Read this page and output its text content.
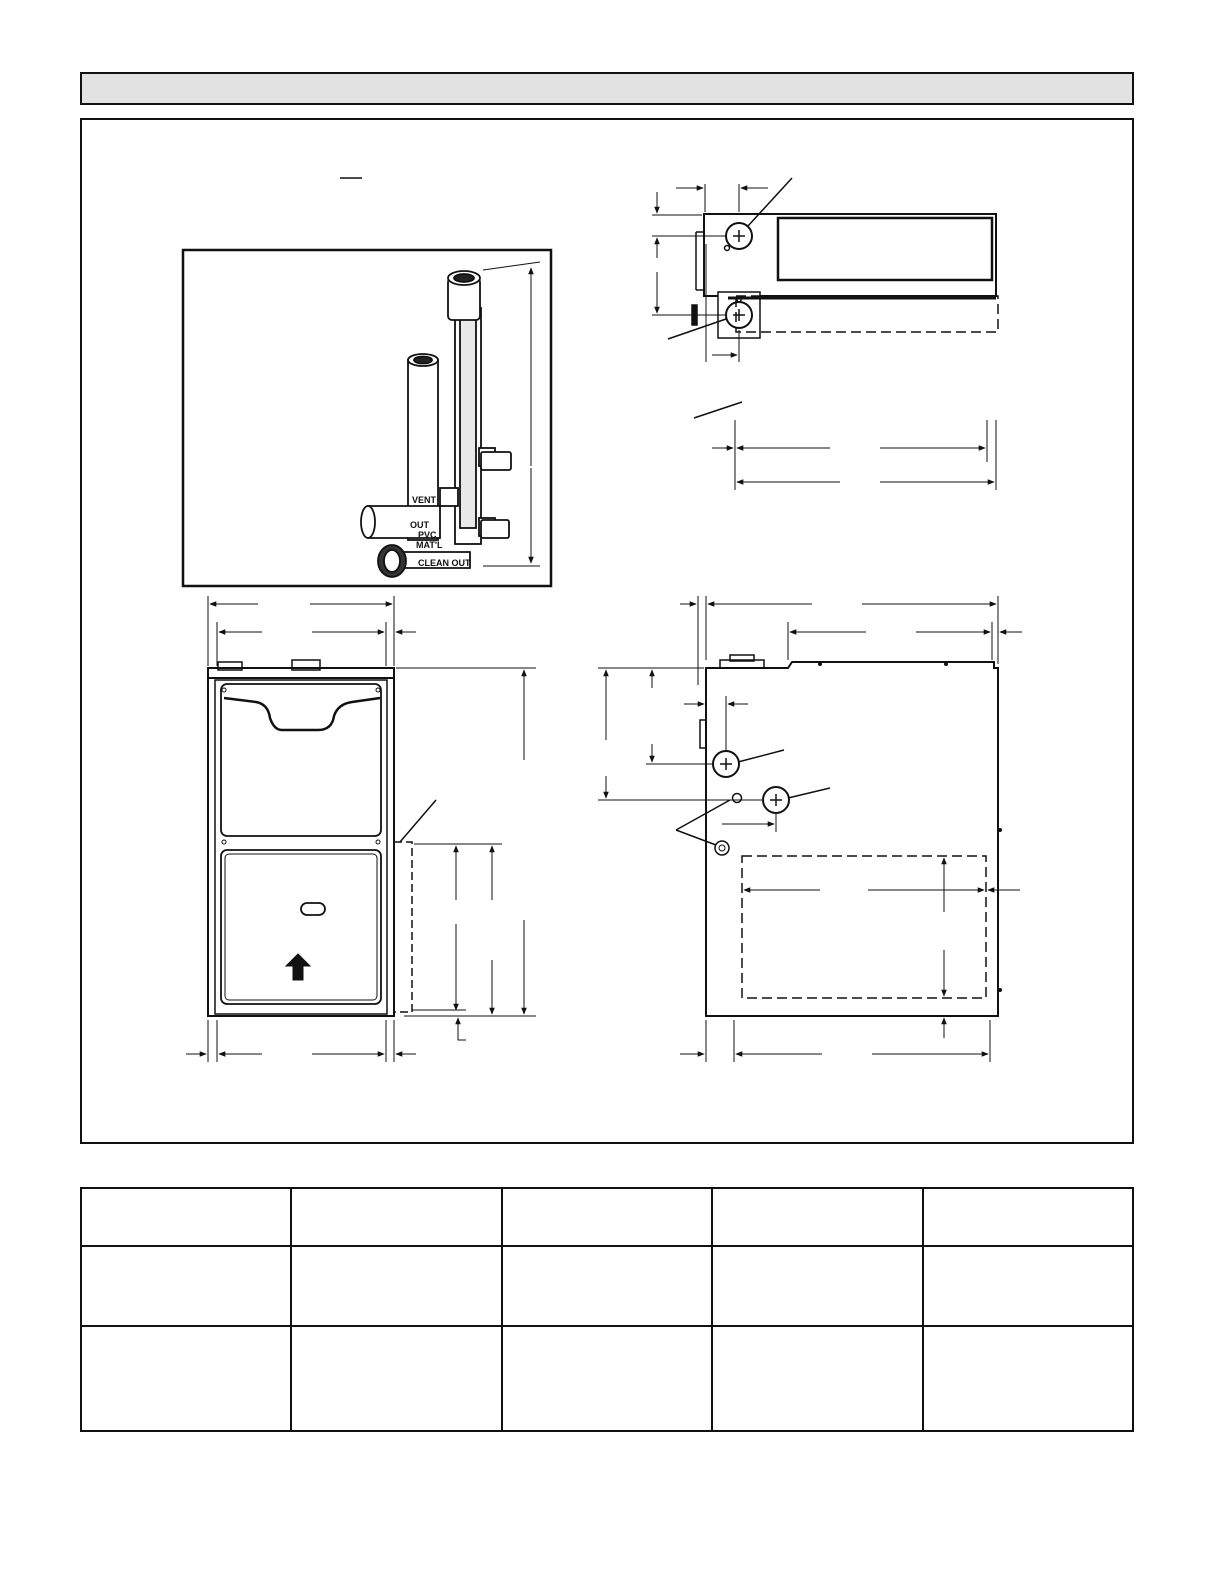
VENT
OUT
PVC
MAT'L
CLEAN OUT
